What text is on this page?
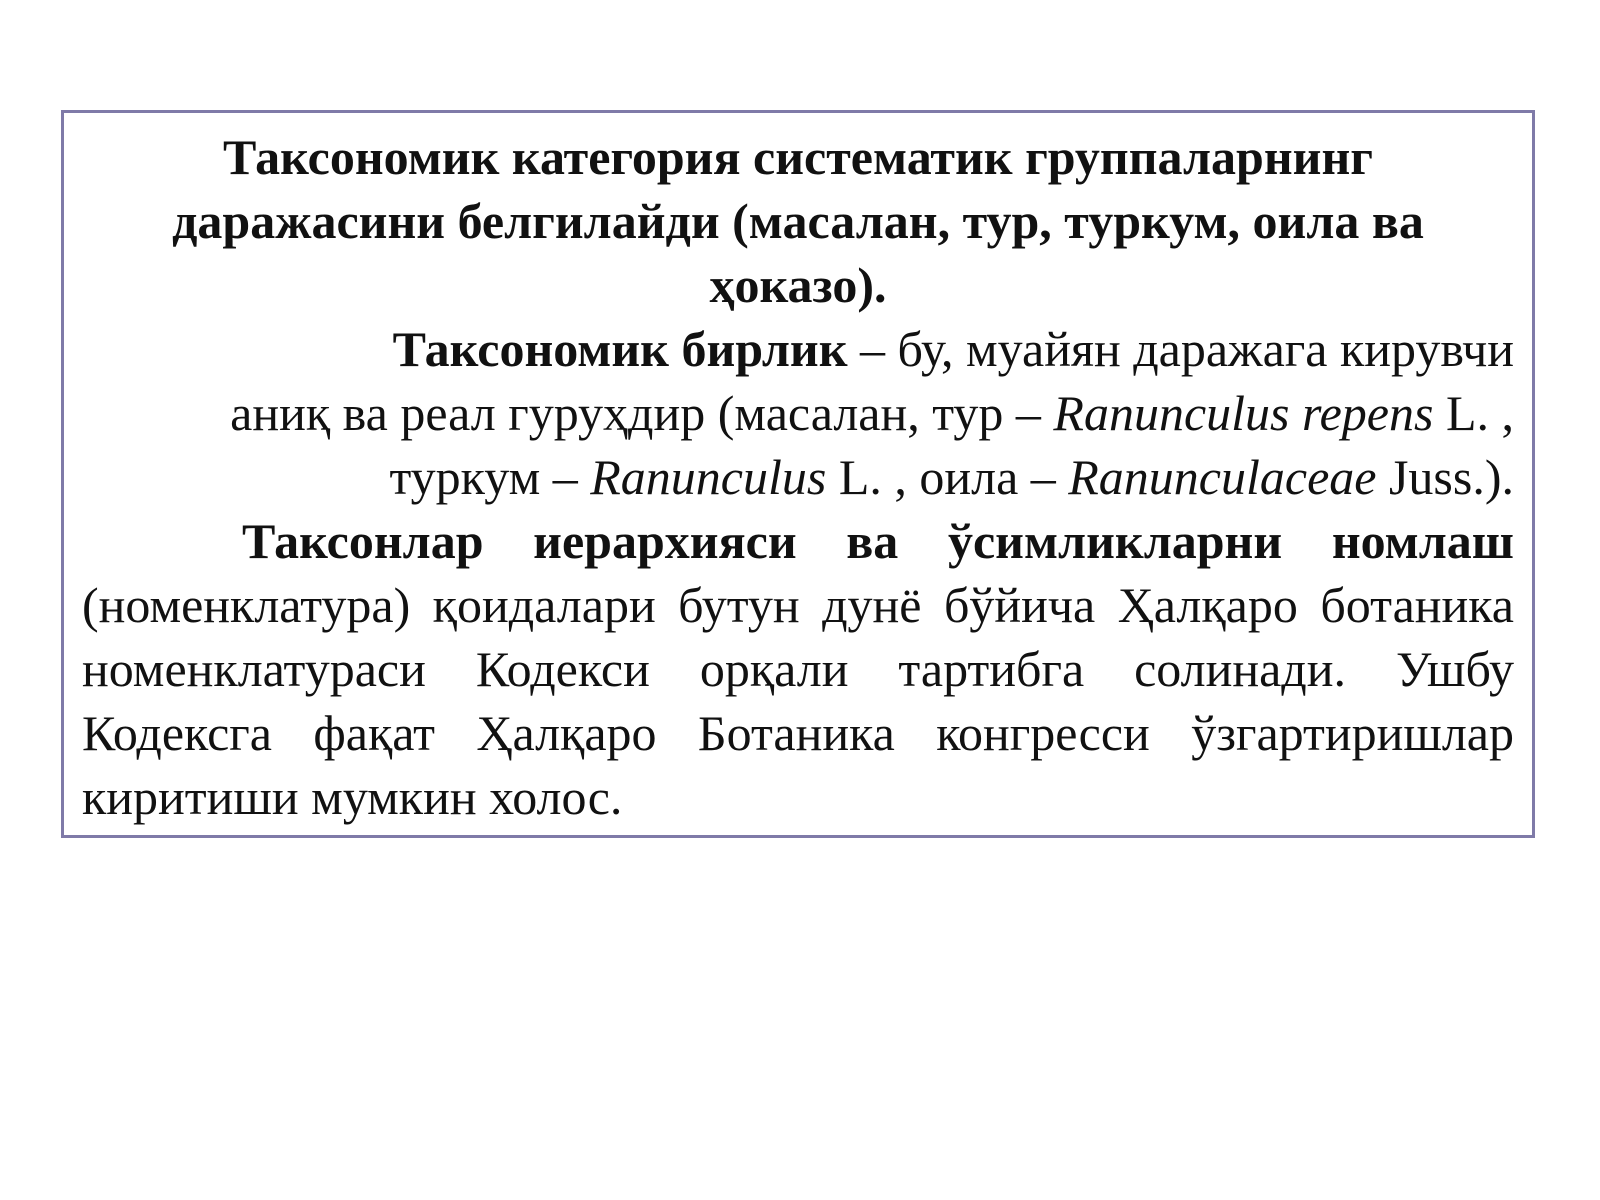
Таксономик категория систематик группаларнинг даражасини белгилайди (масалан, тур, туркум, оила ва ҳоказо).

Таксономик бирлик – бу, муайян даражага кирувчи
аниқ ва реал гуруҳдир (масалан, тур – Ranunculus repens L. ,
туркум – Ranunculus L. , оила – Ranunculaceae Juss.).

Таксонлар иерархияси ва ўсимликларни номлаш (номенклатура) қоидалари бутун дунё бўйича Ҳалқаро ботаника номенклатураси Кодекси орқали тартибга солинади. Ушбу Кодексга фақат Ҳалқаро Ботаника конгресси ўзгартиришлар киритиши мумкин холос.
